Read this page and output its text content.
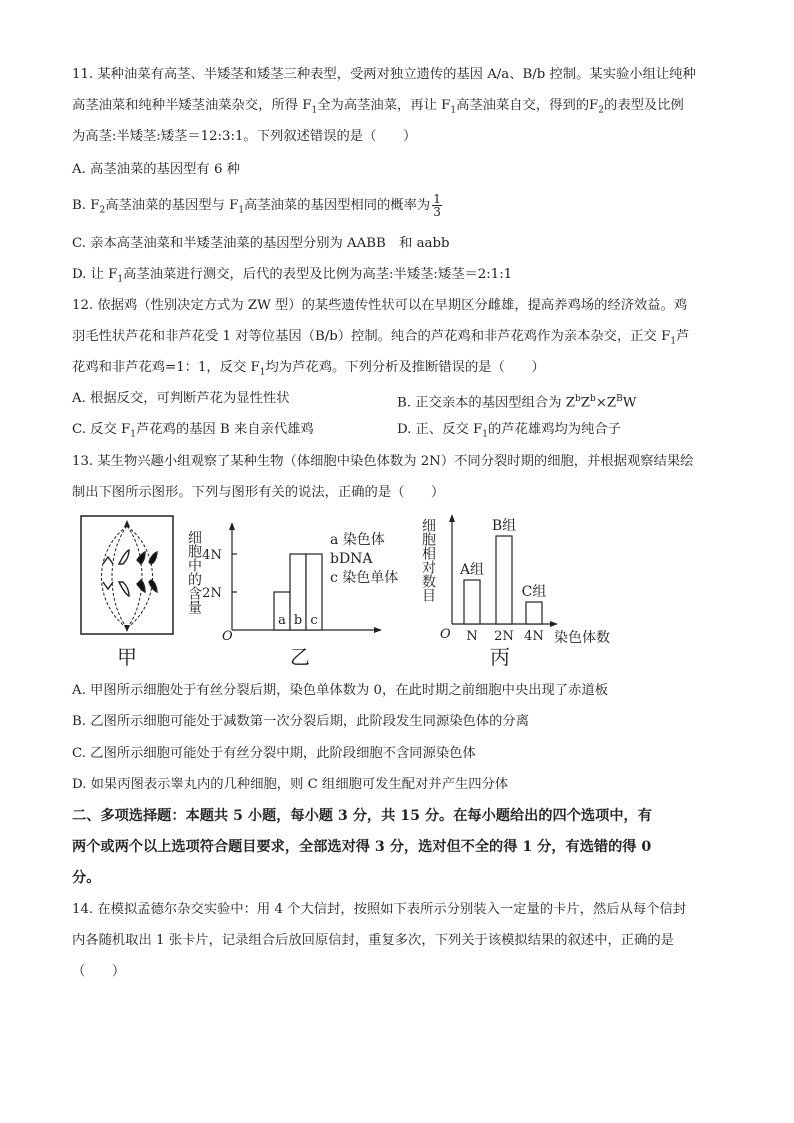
11. 某种油菜有高茎、半矮茎和矮茎三种表型，受两对独立遗传的基因 A/a、B/b 控制。某实验小组让纯种
高茎油菜和纯种半矮茎油菜杂交，所得 $F_1$全为高茎油菜，再让 $F_1$高茎油菜自交，得到的$F_2$的表型及比例
为高茎:半矮茎:矮茎＝12:3:1。下列叙述错误的是（　　）
A. 高茎油菜的基因型有 6 种
B. $F_2$高茎油菜的基因型与 $F_1$高茎油菜的基因型相同的概率为 $\frac{1}{3}$
C. 亲本高茎油菜和半矮茎油菜的基因型分别为 AABB　和 aabb
D. 让 $F_1$高茎油菜进行测交，后代的表型及比例为高茎:半矮茎:矮茎＝2:1:1
12. 依据鸡（性别决定方式为 ZW 型）的某些遗传性状可以在早期区分雌雄，提高养鸡场的经济效益。鸡
羽毛性状芦花和非芦花受 1 对等位基因（B/b）控制。纯合的芦花鸡和非芦花鸡作为亲本杂交，正交 $F_1$芦
花鸡和非芦花鸡=1：1，反交 $F_1$均为芦花鸡。下列分析及推断错误的是（　　）
A. 根据反交，可判断芦花为显性性状	B. 正交亲本的基因型组合为 $Z^bZ^b\times Z^BW$
C. 反交 $F_1$芦花鸡的基因 B 来自亲代雄鸡	D. 正、反交 $F_1$的芦花雄鸡均为纯合子
13. 某生物兴趣小组观察了某种生物（体细胞中染色体数为 2N）不同分裂时期的细胞，并根据观察结果绘
制出下图所示图形。下列与图形有关的说法，正确的是（　　）
甲
细胞中的含量
O
2N
4N
a b c
a 染色体
bDNA
c 染色单体
乙
细胞相对数目
O	染色体数
A组
N
B组
2N
C组
4N
丙
A. 甲图所示细胞处于有丝分裂后期，染色单体数为 0，在此时期之前细胞中央出现了赤道板
B. 乙图所示细胞可能处于减数第一次分裂后期，此阶段发生同源染色体的分离
C. 乙图所示细胞可能处于有丝分裂中期，此阶段细胞不含同源染色体
D. 如果丙图表示睾丸内的几种细胞，则 C 组细胞可发生配对并产生四分体
二、多项选择题：本题共 5 小题，每小题 3 分，共 15 分。在每小题给出的四个选项中，有
两个或两个以上选项符合题目要求，全部选对得 3 分，选对但不全的得 1 分，有选错的得 0
分。
14. 在模拟孟德尔杂交实验中：用 4 个大信封，按照如下表所示分别装入一定量的卡片，然后从每个信封
内各随机取出 1 张卡片，记录组合后放回原信封，重复多次，下列关于该模拟结果的叙述中，正确的是
（　　）
